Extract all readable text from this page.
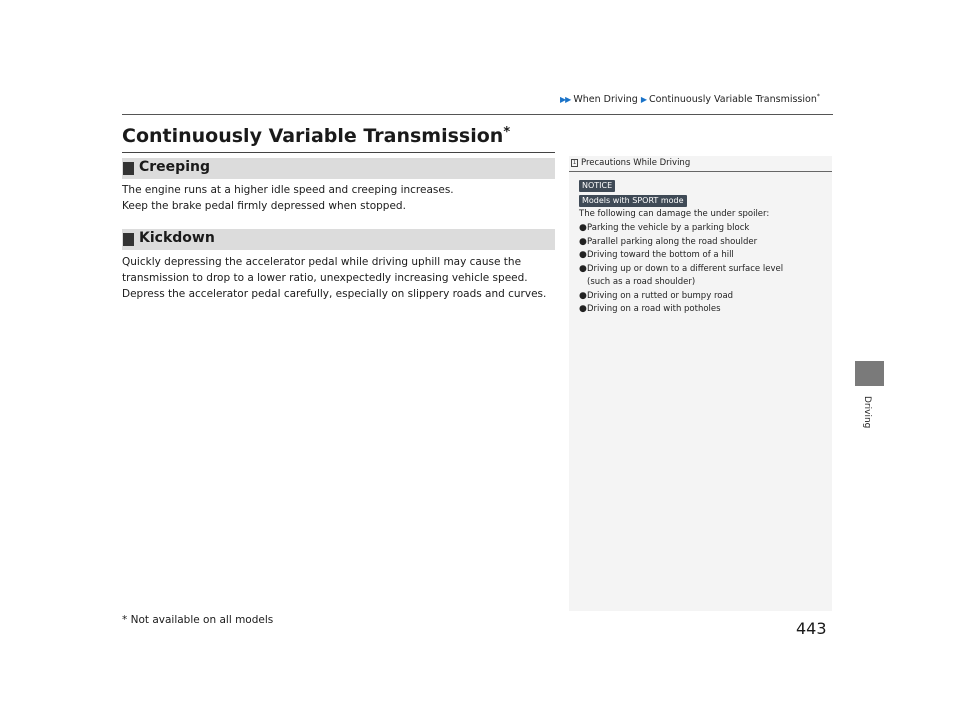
▶▶ When Driving ▶ Continuously Variable Transmission*
Continuously Variable Transmission*
Creeping
The engine runs at a higher idle speed and creeping increases.
Keep the brake pedal firmly depressed when stopped.
Kickdown
Quickly depressing the accelerator pedal while driving uphill may cause the
transmission to drop to a lower ratio, unexpectedly increasing vehicle speed.
Depress the accelerator pedal carefully, especially on slippery roads and curves.
1 Precautions While Driving
NOTICE
Models with SPORT mode
The following can damage the under spoiler:
● Parking the vehicle by a parking block
● Parallel parking along the road shoulder
● Driving toward the bottom of a hill
● Driving up or down to a different surface level
(such as a road shoulder)
● Driving on a rutted or bumpy road
● Driving on a road with potholes
Driving
* Not available on all models	443
